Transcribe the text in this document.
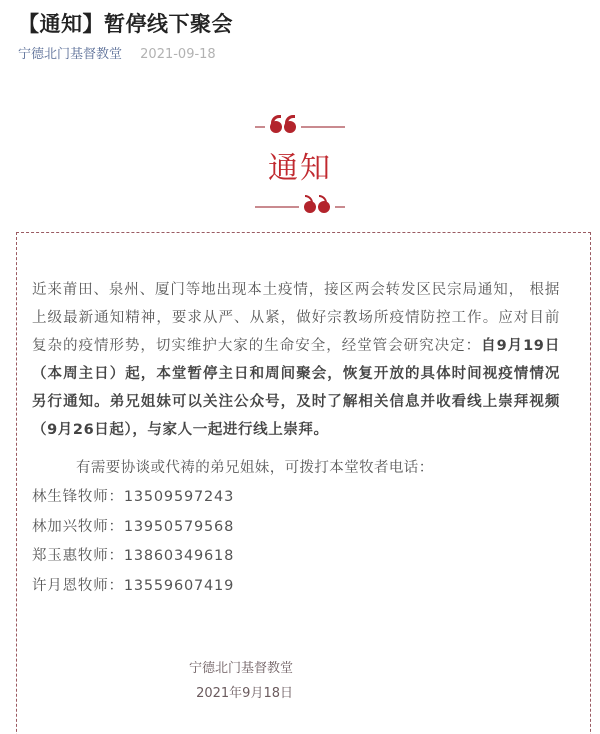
【通知】暂停线下聚会
宁德北门基督教堂 2021-09-18
通知

近来莆田、泉州、厦门等地出现本土疫情，接区两会转发区民宗局通知， 根据上级最新通知精神，要求从严、从紧，做好宗教场所疫情防控工作。应对目前复杂的疫情形势，切实维护大家的生命安全，经堂管会研究决定：自9月19日（本周主日）起，本堂暂停主日和周间聚会，恢复开放的具体时间视疫情情况另行通知。弟兄姐妹可以关注公众号，及时了解相关信息并收看线上崇拜视频（9月26日起），与家人一起进行线上崇拜。

有需要协谈或代祷的弟兄姐妹，可拨打本堂牧者电话：

林生锋牧师：13509597243
林加兴牧师：13950579568
郑玉惠牧师：13860349618
许月恩牧师：13559607419
宁德北门基督教堂
2021年9月18日
